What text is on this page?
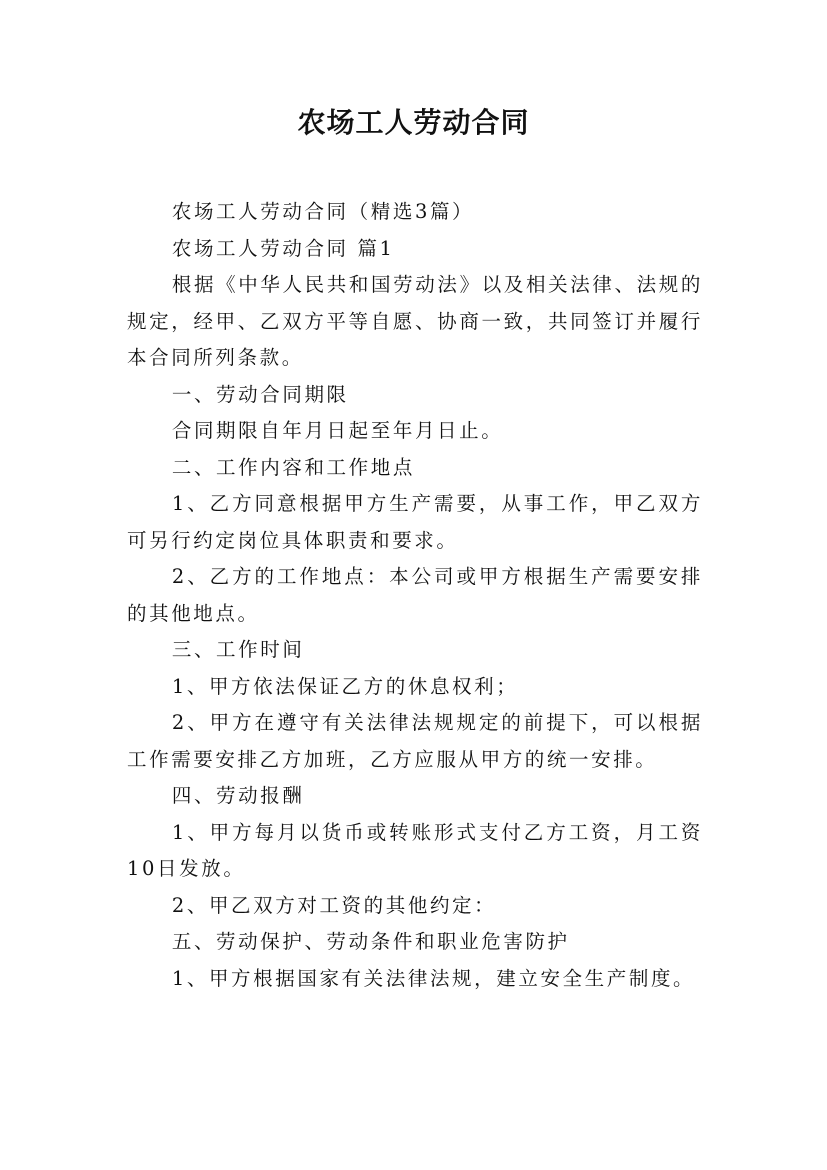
农场工人劳动合同

农场工人劳动合同（精选3篇）

农场工人劳动合同 篇1

根据《中华人民共和国劳动法》以及相关法律、法规的规定，经甲、乙双方平等自愿、协商一致，共同签订并履行本合同所列条款。

一、劳动合同期限

合同期限自年月日起至年月日止。

二、工作内容和工作地点

1、乙方同意根据甲方生产需要，从事工作，甲乙双方可另行约定岗位具体职责和要求。

2、乙方的工作地点：本公司或甲方根据生产需要安排的其他地点。

三、工作时间

1、甲方依法保证乙方的休息权利；

2、甲方在遵守有关法律法规规定的前提下，可以根据工作需要安排乙方加班，乙方应服从甲方的统一安排。

四、劳动报酬

1、甲方每月以货币或转账形式支付乙方工资，月工资10日发放。

2、甲乙双方对工资的其他约定：

五、劳动保护、劳动条件和职业危害防护

1、甲方根据国家有关法律法规，建立安全生产制度。
